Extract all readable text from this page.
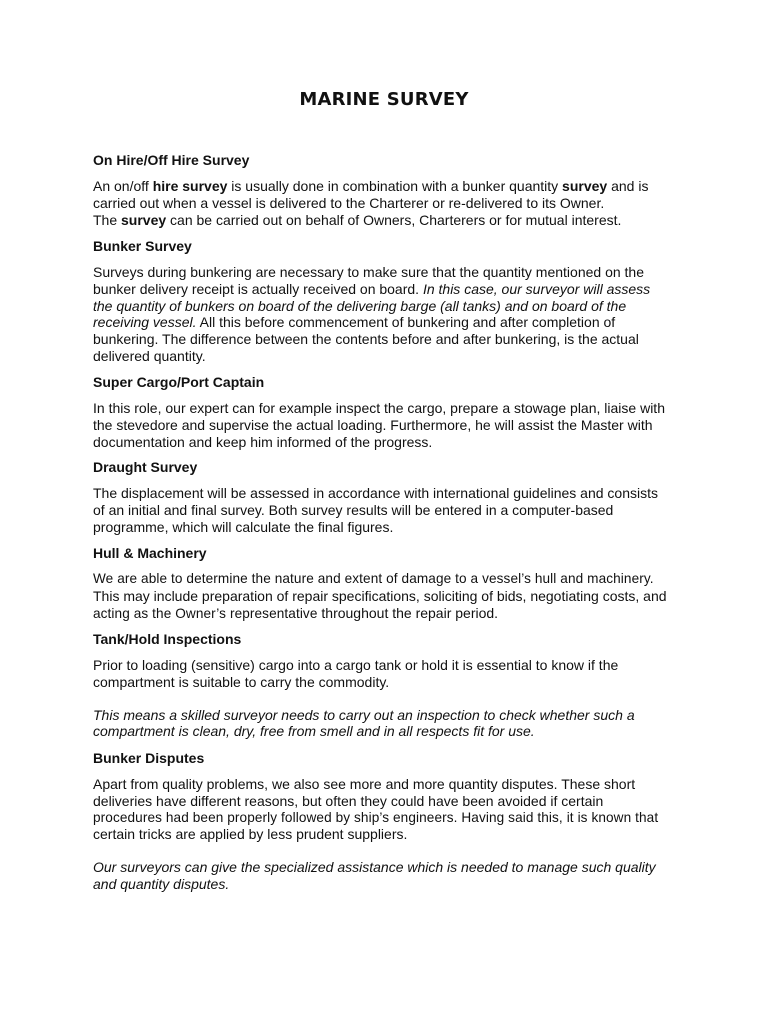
MARINE SURVEY
On Hire/Off Hire Survey

An on/off hire survey is usually done in combination with a bunker quantity survey and is
carried out when a vessel is delivered to the Charterer or re-delivered to its Owner.
The survey can be carried out on behalf of Owners, Charterers or for mutual interest.

Bunker Survey

Surveys during bunkering are necessary to make sure that the quantity mentioned on the
bunker delivery receipt is actually received on board. In this case, our surveyor will assess
the quantity of bunkers on board of the delivering barge (all tanks) and on board of the
receiving vessel. All this before commencement of bunkering and after completion of
bunkering. The difference between the contents before and after bunkering, is the actual
delivered quantity.

Super Cargo/Port Captain

In this role, our expert can for example inspect the cargo, prepare a stowage plan, liaise with
the stevedore and supervise the actual loading. Furthermore, he will assist the Master with
documentation and keep him informed of the progress.

Draught Survey

The displacement will be assessed in accordance with international guidelines and consists
of an initial and final survey. Both survey results will be entered in a computer-based
programme, which will calculate the final figures.

Hull & Machinery

We are able to determine the nature and extent of damage to a vessel’s hull and machinery.
This may include preparation of repair specifications, soliciting of bids, negotiating costs, and
acting as the Owner’s representative throughout the repair period.

Tank/Hold Inspections

Prior to loading (sensitive) cargo into a cargo tank or hold it is essential to know if the
compartment is suitable to carry the commodity.

This means a skilled surveyor needs to carry out an inspection to check whether such a
compartment is clean, dry, free from smell and in all respects fit for use.

Bunker Disputes

Apart from quality problems, we also see more and more quantity disputes. These short
deliveries have different reasons, but often they could have been avoided if certain
procedures had been properly followed by ship’s engineers. Having said this, it is known that
certain tricks are applied by less prudent suppliers.

Our surveyors can give the specialized assistance which is needed to manage such quality
and quantity disputes.
